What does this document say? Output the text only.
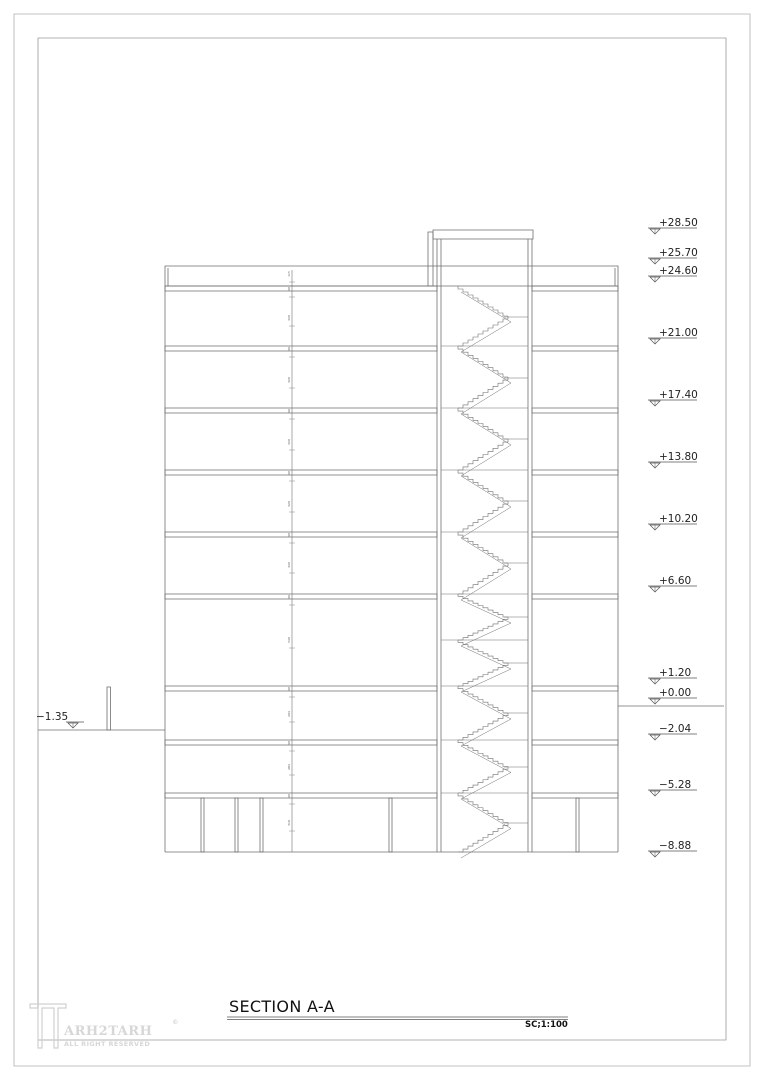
115
40
320
40
320
40
320
40
320
40
320
40
540
40
204
40
284
40
319
+28.50
+25.70
+24.60
+21.00
+17.40
+13.80
+10.20
+6.60
+1.20
+0.00
−2.04
−5.28
−8.88
−1.35
SECTION A-A
SC;1:100
ARH2TARH
ALL RIGHT RESERVED
©
